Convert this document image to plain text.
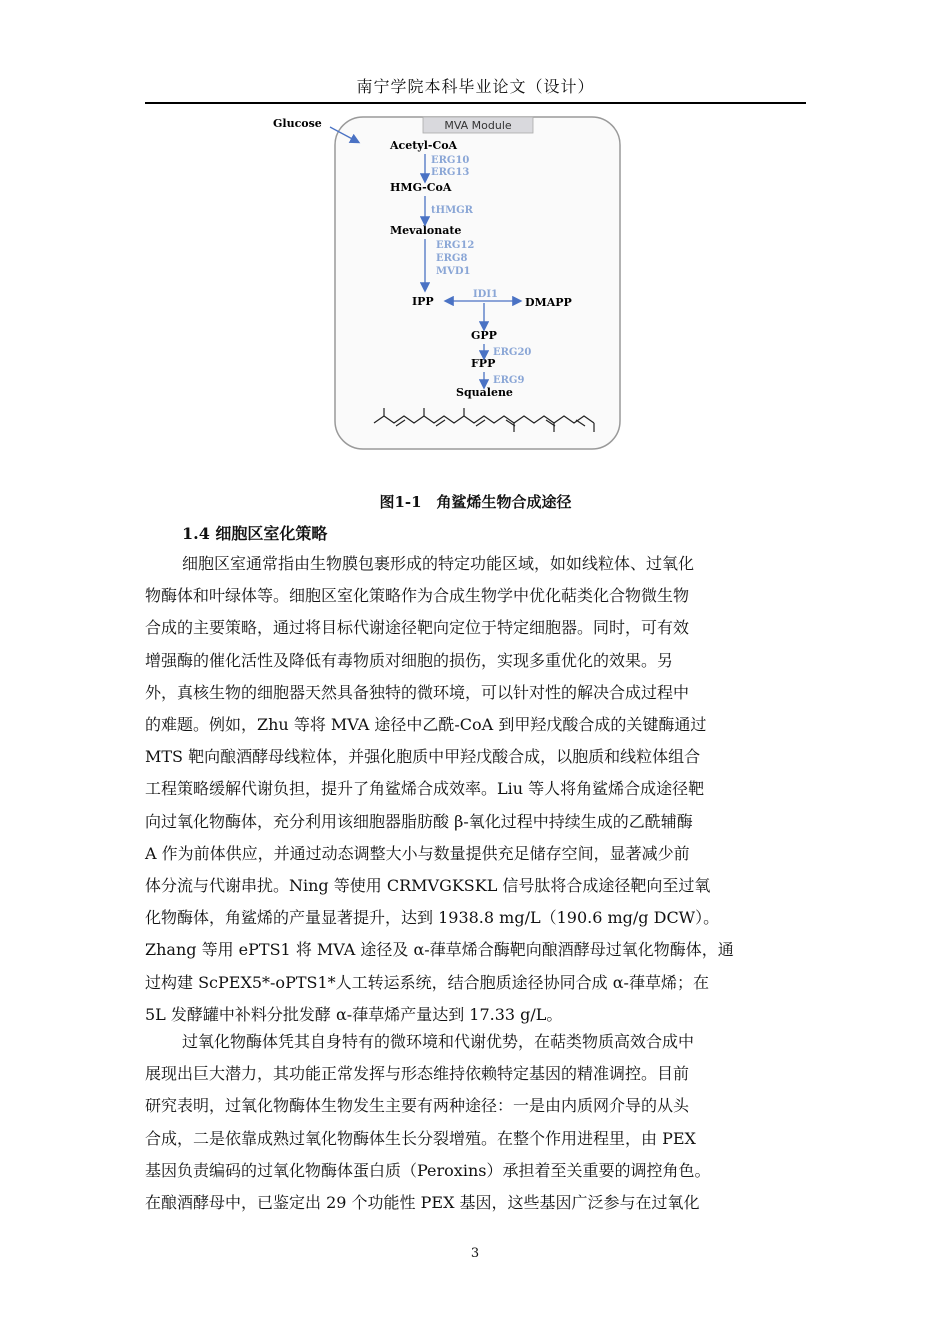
南宁学院本科毕业论文（设计）
MVA Module
Glucose
Acetyl-CoA
HMG-CoA
Mevalonate
IPP	DMAPP
GPP
FPP
Squalene
ERG10
ERG13
tHMGR
ERG12
ERG8
MVD1
IDI1
ERG20
ERG9
图1-1　角鲨烯生物合成途径
1.4 细胞区室化策略
细胞区室通常指由生物膜包裹形成的特定功能区域，如如线粒体、过氧化
物酶体和叶绿体等。细胞区室化策略作为合成生物学中优化萜类化合物微生物
合成的主要策略，通过将目标代谢途径靶向定位于特定细胞器。同时，可有效
增强酶的催化活性及降低有毒物质对细胞的损伤，实现多重优化的效果。另
外，真核生物的细胞器天然具备独特的微环境，可以针对性的解决合成过程中
的难题。例如，Zhu 等将 MVA 途径中乙酰-CoA 到甲羟戊酸合成的关键酶通过
MTS 靶向酿酒酵母线粒体，并强化胞质中甲羟戊酸合成，以胞质和线粒体组合
工程策略缓解代谢负担，提升了角鲨烯合成效率。Liu 等人将角鲨烯合成途径靶
向过氧化物酶体，充分利用该细胞器脂肪酸 β-氧化过程中持续生成的乙酰辅酶
A 作为前体供应，并通过动态调整大小与数量提供充足储存空间，显著减少前
体分流与代谢串扰。Ning 等使用 CRMVGKSKL 信号肽将合成途径靶向至过氧
化物酶体，角鲨烯的产量显著提升，达到 1938.8 mg/L（190.6 mg/g DCW）。
Zhang 等用 ePTS1 将 MVA 途径及 α-葎草烯合酶靶向酿酒酵母过氧化物酶体，通
过构建 ScPEX5*-oPTS1*人工转运系统，结合胞质途径协同合成 α-葎草烯；在
5L 发酵罐中补料分批发酵 α-葎草烯产量达到 17.33 g/L。
过氧化物酶体凭其自身特有的微环境和代谢优势，在萜类物质高效合成中
展现出巨大潜力，其功能正常发挥与形态维持依赖特定基因的精准调控。目前
研究表明，过氧化物酶体生物发生主要有两种途径：一是由内质网介导的从头
合成，二是依靠成熟过氧化物酶体生长分裂增殖。在整个作用进程里，由 PEX
基因负责编码的过氧化物酶体蛋白质（Peroxins）承担着至关重要的调控角色。
在酿酒酵母中，已鉴定出 29 个功能性 PEX 基因，这些基因广泛参与在过氧化
3
